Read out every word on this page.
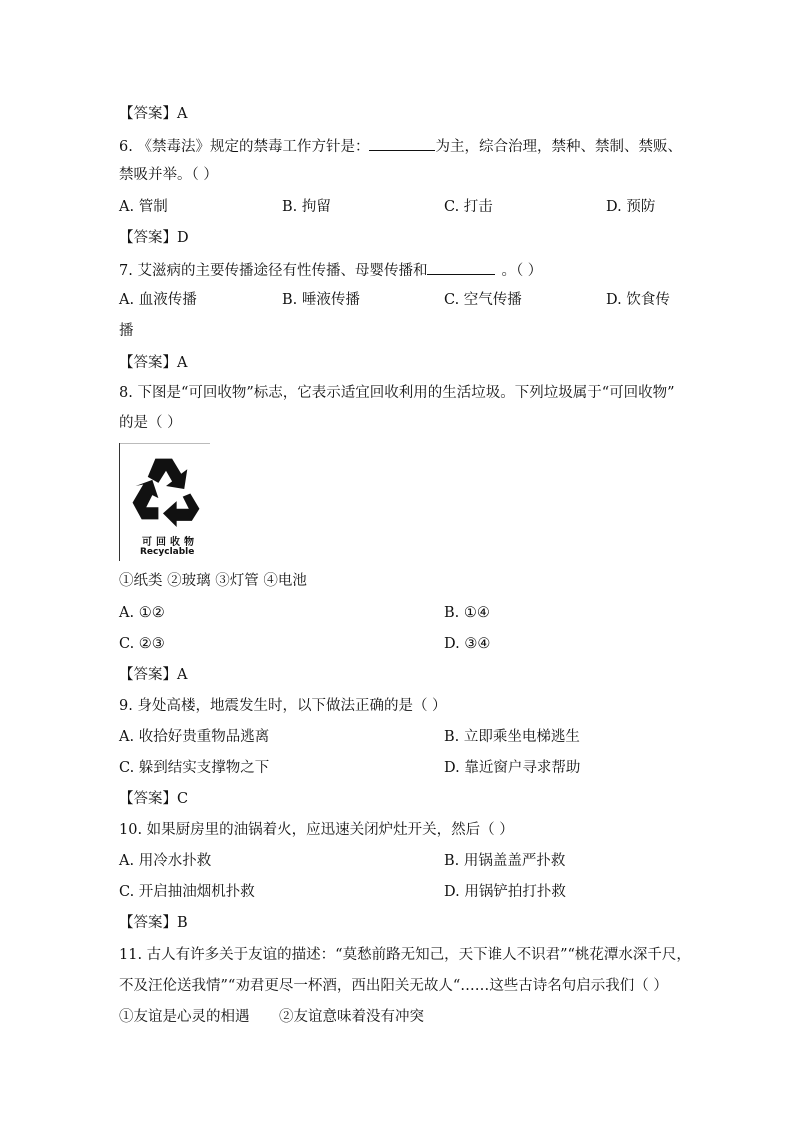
【答案】A
6. 《禁毒法》规定的禁毒工作方针是：	为主，综合治理，禁种、禁制、禁贩、
禁吸并举。（ ）
A. 管制	B. 拘留	C. 打击	D. 预防
【答案】D
7. 艾滋病的主要传播途径有性传播、母婴传播和	。（ ）
A. 血液传播	B. 唾液传播	C. 空气传播	D. 饮食传
播
【答案】A
8. 下图是“可回收物”标志，它表示适宜回收利用的生活垃圾。下列垃圾属于“可回收物”
的是（ ）
可回收物
Recyclable
①纸类 ②玻璃 ③灯管 ④电池
A. ①②	B. ①④
C. ②③	D. ③④
【答案】A
9. 身处高楼，地震发生时，以下做法正确的是（ ）
A. 收拾好贵重物品逃离	B. 立即乘坐电梯逃生
C. 躲到结实支撑物之下	D. 靠近窗户寻求帮助
【答案】C
10. 如果厨房里的油锅着火，应迅速关闭炉灶开关，然后（ ）
A. 用冷水扑救	B. 用锅盖盖严扑救
C. 开启抽油烟机扑救	D. 用锅铲拍打扑救
【答案】B
11. 古人有许多关于友谊的描述：“莫愁前路无知己，天下谁人不识君”“桃花潭水深千尺，
不及汪伦送我情”“劝君更尽一杯酒，西出阳关无故人“……这些古诗名句启示我们（ ）
①友谊是心灵的相遇 ②友谊意味着没有冲突
